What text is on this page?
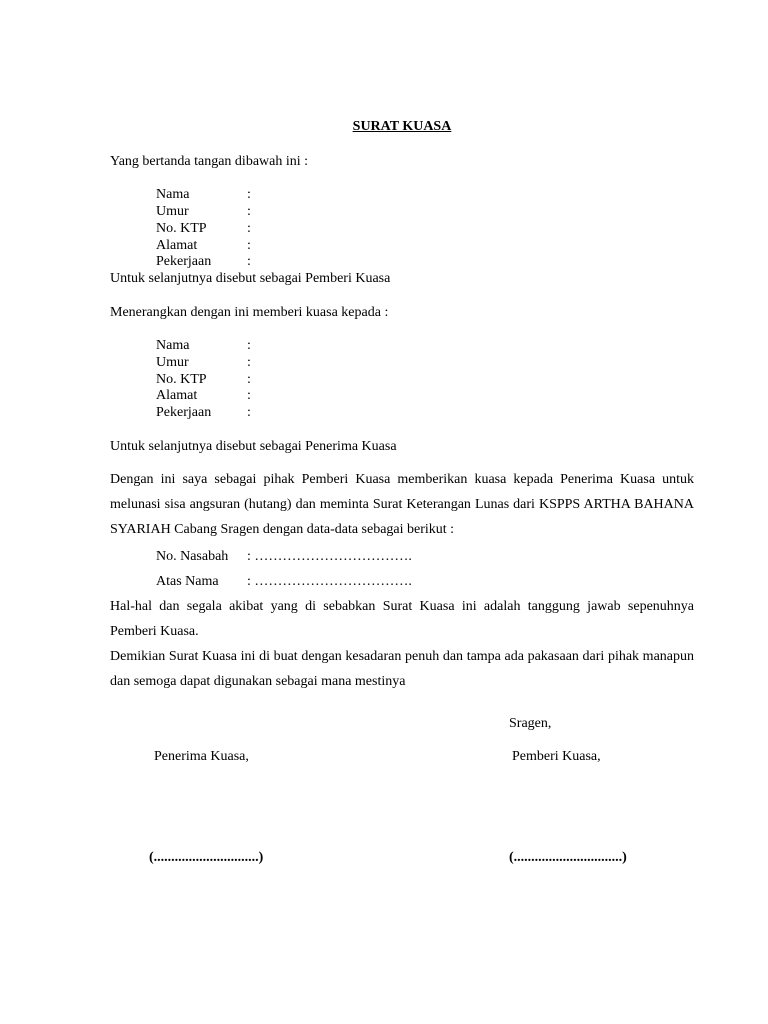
SURAT KUASA
Yang bertanda tangan dibawah ini :
Nama	:
Umur	:
No. KTP	:
Alamat	:
Pekerjaan	:
Untuk selanjutnya disebut sebagai Pemberi Kuasa
Menerangkan dengan ini memberi kuasa kepada :
Nama	:
Umur	:
No. KTP	:
Alamat	:
Pekerjaan	:
Untuk selanjutnya disebut sebagai Penerima Kuasa
Dengan ini saya sebagai pihak Pemberi Kuasa memberikan kuasa kepada Penerima Kuasa untuk melunasi sisa angsuran (hutang) dan meminta Surat Keterangan Lunas dari KSPPS ARTHA BAHANA SYARIAH Cabang Sragen dengan data-data sebagai berikut :
No. Nasabah : …………………………….
Atas Nama : …………………………….
Hal-hal dan segala akibat yang di sebabkan Surat Kuasa ini adalah tanggung jawab sepenuhnya Pemberi Kuasa.
Demikian Surat Kuasa ini di buat dengan kesadaran penuh dan tampa ada pakasaan dari pihak manapun dan semoga dapat digunakan sebagai mana mestinya
Sragen,
Penerima Kuasa,	Pemberi Kuasa,
(..............................)	(...............................)
